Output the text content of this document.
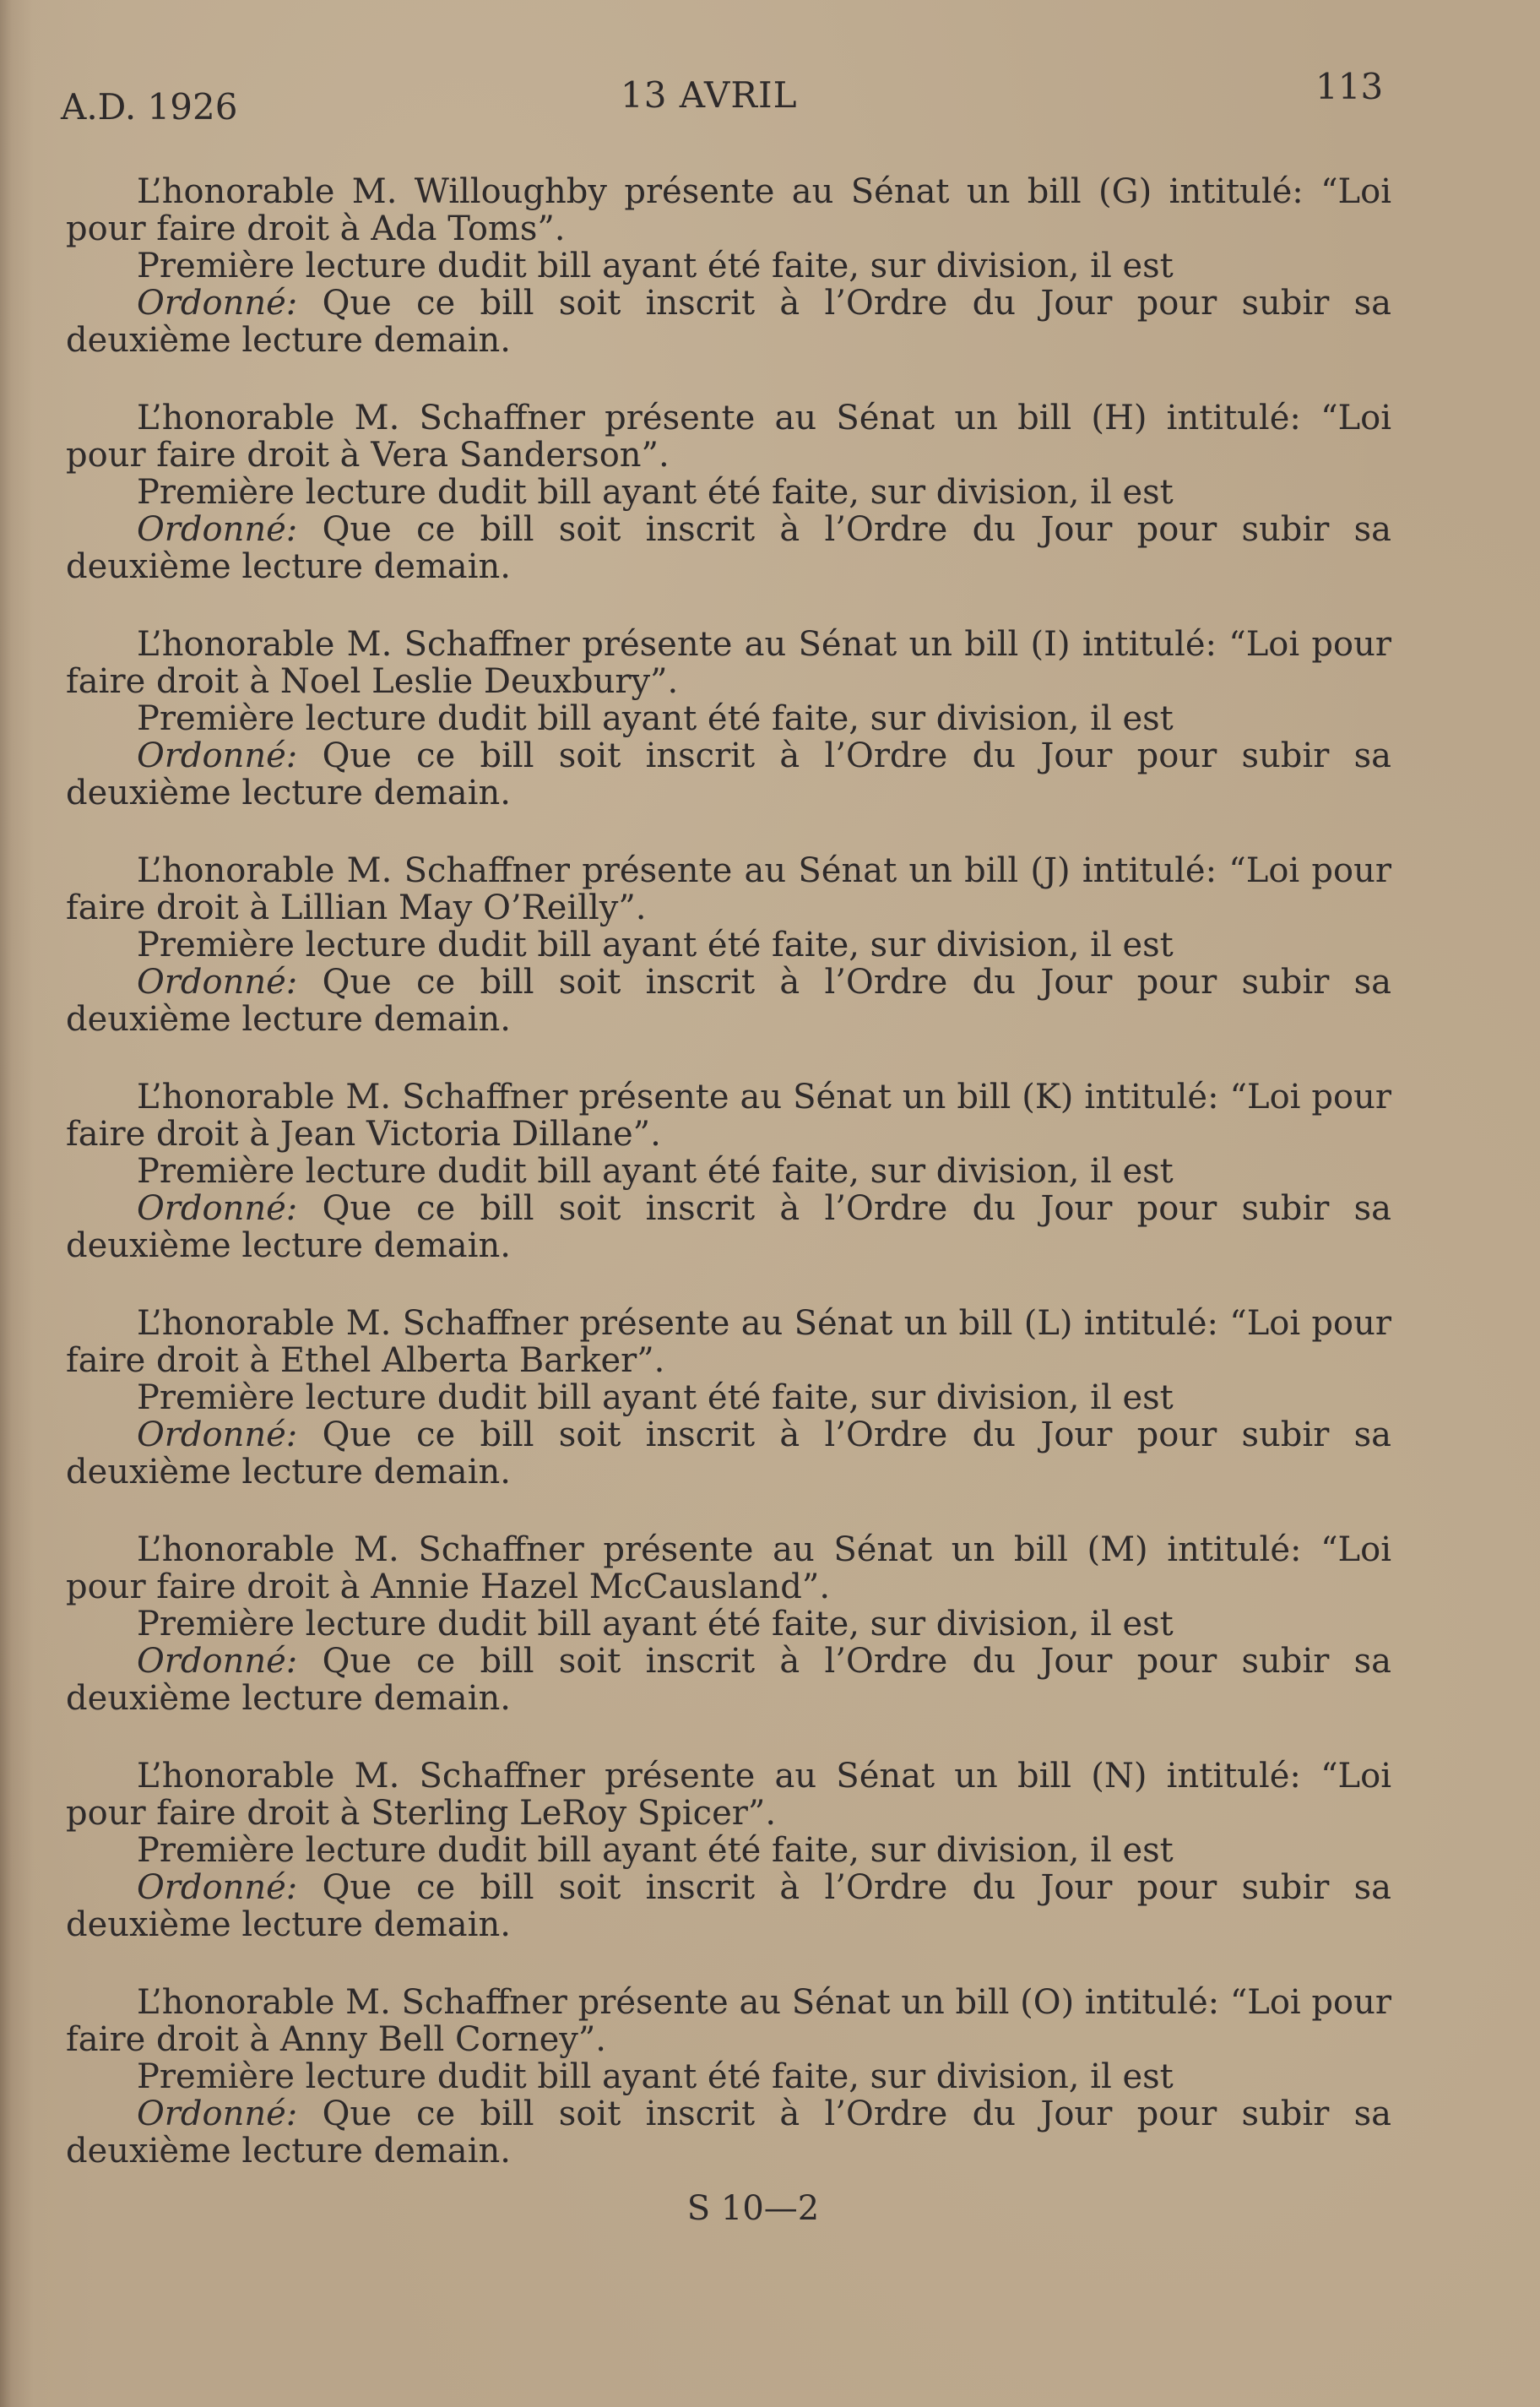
A.D. 1926	13 AVRIL	113

L’honorable M. Willoughby présente au Sénat un bill (G) intitulé: “Loi pour faire droit à Ada Toms”.

Première lecture dudit bill ayant été faite, sur division, il est

Ordonné: Que ce bill soit inscrit à l’Ordre du Jour pour subir sa deuxième lecture demain.

L’honorable M. Schaffner présente au Sénat un bill (H) intitulé: “Loi pour faire droit à Vera Sanderson”.

Première lecture dudit bill ayant été faite, sur division, il est

Ordonné: Que ce bill soit inscrit à l’Ordre du Jour pour subir sa deuxième lecture demain.

L’honorable M. Schaffner présente au Sénat un bill (I) intitulé: “Loi pour faire droit à Noel Leslie Deuxbury”.

Première lecture dudit bill ayant été faite, sur division, il est

Ordonné: Que ce bill soit inscrit à l’Ordre du Jour pour subir sa deuxième lecture demain.

L’honorable M. Schaffner présente au Sénat un bill (J) intitulé: “Loi pour faire droit à Lillian May O’Reilly”.

Première lecture dudit bill ayant été faite, sur division, il est

Ordonné: Que ce bill soit inscrit à l’Ordre du Jour pour subir sa deuxième lecture demain.

L’honorable M. Schaffner présente au Sénat un bill (K) intitulé: “Loi pour faire droit à Jean Victoria Dillane”.

Première lecture dudit bill ayant été faite, sur division, il est

Ordonné: Que ce bill soit inscrit à l’Ordre du Jour pour subir sa deuxième lecture demain.

L’honorable M. Schaffner présente au Sénat un bill (L) intitulé: “Loi pour faire droit à Ethel Alberta Barker”.

Première lecture dudit bill ayant été faite, sur division, il est

Ordonné: Que ce bill soit inscrit à l’Ordre du Jour pour subir sa deuxième lecture demain.

L’honorable M. Schaffner présente au Sénat un bill (M) intitulé: “Loi pour faire droit à Annie Hazel McCausland”.

Première lecture dudit bill ayant été faite, sur division, il est

Ordonné: Que ce bill soit inscrit à l’Ordre du Jour pour subir sa deuxième lecture demain.

L’honorable M. Schaffner présente au Sénat un bill (N) intitulé: “Loi pour faire droit à Sterling LeRoy Spicer”.

Première lecture dudit bill ayant été faite, sur division, il est

Ordonné: Que ce bill soit inscrit à l’Ordre du Jour pour subir sa deuxième lecture demain.

L’honorable M. Schaffner présente au Sénat un bill (O) intitulé: “Loi pour faire droit à Anny Bell Corney”.

Première lecture dudit bill ayant été faite, sur division, il est

Ordonné: Que ce bill soit inscrit à l’Ordre du Jour pour subir sa deuxième lecture demain.

S 10—2
